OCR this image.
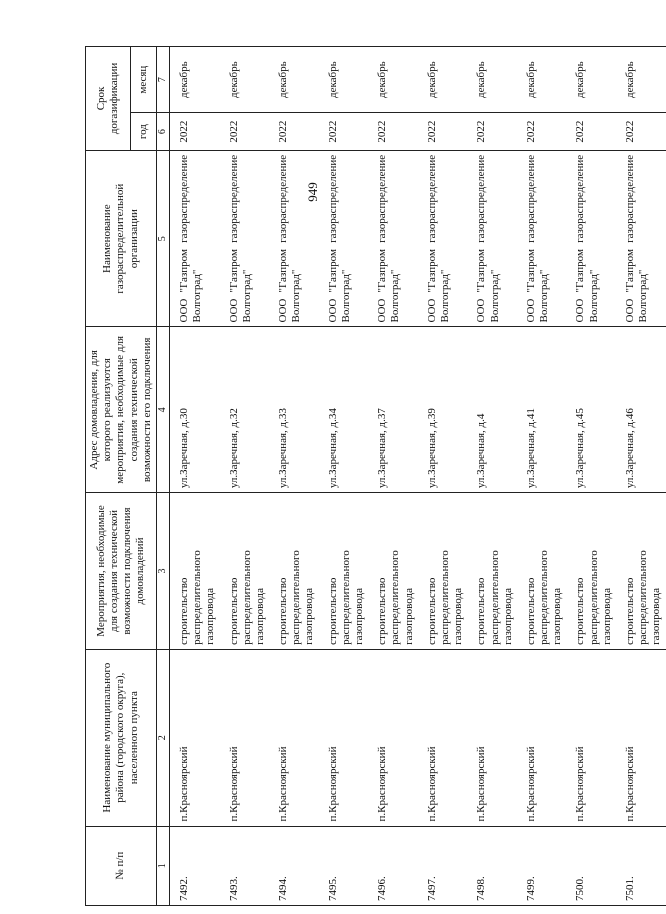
949
№ п/п	Наименование муниципального района (городского округа), населенного пункта	Мероприятия, необходимые для создания технической возможности подключения домовладений	Адрес домовладения, для которого реализуются мероприятия, необходимые для создания технической возможности его подключения	Наименование газораспределительной организации	Срок догазификации	
					год	месяц
1	2	3	4	5	6	7
7492.	п.Красноярский	строительство распределительного газопровода	ул.Заречная, д.30	ООО "Газпром газораспределение Волгоград"	2022	декабрь
7493.	п.Красноярский	строительство распределительного газопровода	ул.Заречная, д.32	ООО "Газпром газораспределение Волгоград"	2022	декабрь
7494.	п.Красноярский	строительство распределительного газопровода	ул.Заречная, д.33	ООО "Газпром газораспределение Волгоград"	2022	декабрь
7495.	п.Красноярский	строительство распределительного газопровода	ул.Заречная, д.34	ООО "Газпром газораспределение Волгоград"	2022	декабрь
7496.	п.Красноярский	строительство распределительного газопровода	ул.Заречная, д.37	ООО "Газпром газораспределение Волгоград"	2022	декабрь
7497.	п.Красноярский	строительство распределительного газопровода	ул.Заречная, д.39	ООО "Газпром газораспределение Волгоград"	2022	декабрь
7498.	п.Красноярский	строительство распределительного газопровода	ул.Заречная, д.4	ООО "Газпром газораспределение Волгоград"	2022	декабрь
7499.	п.Красноярский	строительство распределительного газопровода	ул.Заречная, д.41	ООО "Газпром газораспределение Волгоград"	2022	декабрь
7500.	п.Красноярский	строительство распределительного газопровода	ул.Заречная, д.45	ООО "Газпром газораспределение Волгоград"	2022	декабрь
7501.	п.Красноярский	строительство распределительного газопровода	ул.Заречная, д.46	ООО "Газпром газораспределение Волгоград"	2022	декабрь
